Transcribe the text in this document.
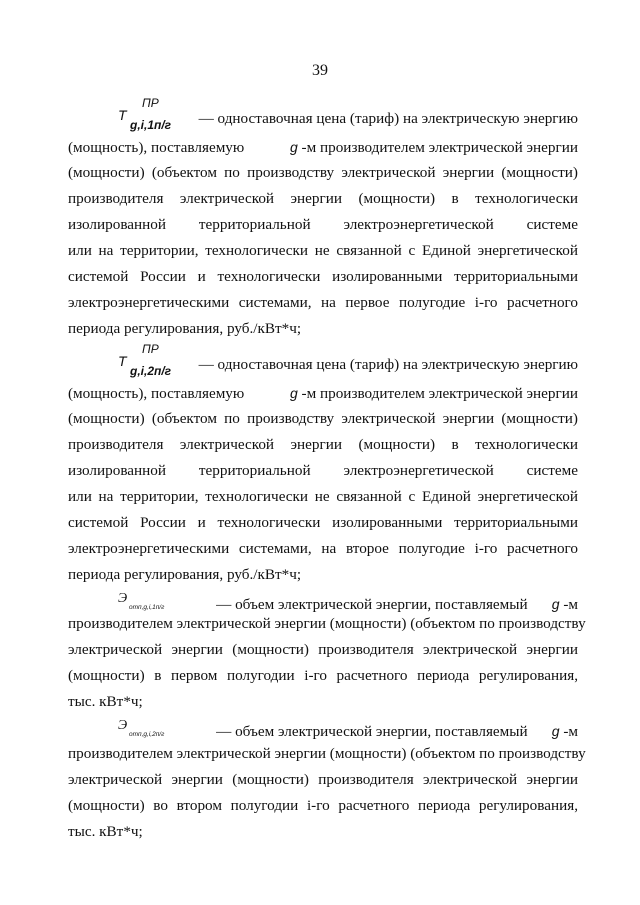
39
T
ПР
g,i,1п/г — одноставочная цена (тариф) на электрическую энергию
(мощность), поставляемую	g -м производителем электрической энергии
(мощности) (объектом по производству электрической энергии (мощности)
производителя электрической энергии (мощности) в технологически
изолированной территориальной электроэнергетической системе
или на территории, технологически не связанной с Единой энергетической
системой России и технологически изолированными территориальными
электроэнергетическими системами, на первое полугодие i-го расчетного
периода регулирования, руб./кВт*ч;
T
ПР
g,i,2п/г — одноставочная цена (тариф) на электрическую энергию
(мощность), поставляемую	g -м производителем электрической энергии
(мощности) (объектом по производству электрической энергии (мощности)
производителя электрической энергии (мощности) в технологически
изолированной территориальной электроэнергетической системе
или на территории, технологически не связанной с Единой энергетической
системой России и технологически изолированными территориальными
электроэнергетическими системами, на второе полугодие i-го расчетного
периода регулирования, руб./кВт*ч;
Э
отп,g,i,1п/г	— объем электрической энергии, поставляемый g -м
производителем электрической энергии (мощности) (объектом по производству
электрической энергии (мощности) производителя электрической энергии
(мощности) в первом полугодии i-го расчетного периода регулирования,
тыс. кВт*ч;
Э
отп,g,i,2п/г	— объем электрической энергии, поставляемый g -м
производителем электрической энергии (мощности) (объектом по производству
электрической энергии (мощности) производителя электрической энергии
(мощности) во втором полугодии i-го расчетного периода регулирования,
тыс. кВт*ч;
